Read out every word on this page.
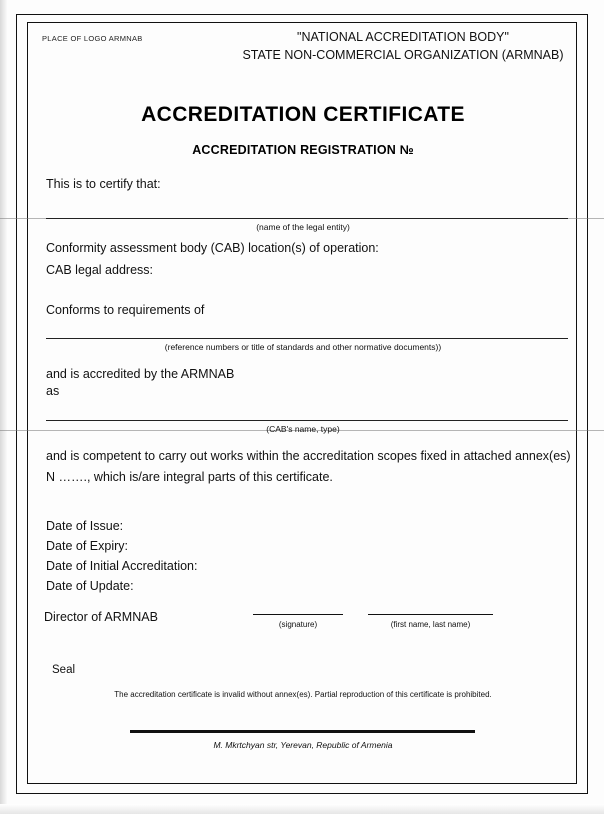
PLACE OF LOGO ARMNAB	"NATIONAL ACCREDITATION BODY"
STATE NON-COMMERCIAL ORGANIZATION (ARMNAB)
ACCREDITATION CERTIFICATE
ACCREDITATION REGISTRATION №
This is to certify that:
(name of the legal entity)
Conformity assessment body (CAB) location(s) of operation:
CAB legal address:
Conforms to requirements of
(reference numbers or title of standards and other normative documents))
and is accredited by the ARMNAB
as
(CAB's name, type)
and is competent to carry out works within the accreditation scopes fixed in attached annex(es)
N ……., which is/are integral parts of this certificate.
Date of Issue:
Date of Expiry:
Date of Initial Accreditation:
Date of Update:
Director of ARMNAB
(signature)	(first name, last name)
Seal
The accreditation certificate is invalid without annex(es). Partial reproduction of this certificate is prohibited.
M. Mkrtchyan str, Yerevan, Republic of Armenia
